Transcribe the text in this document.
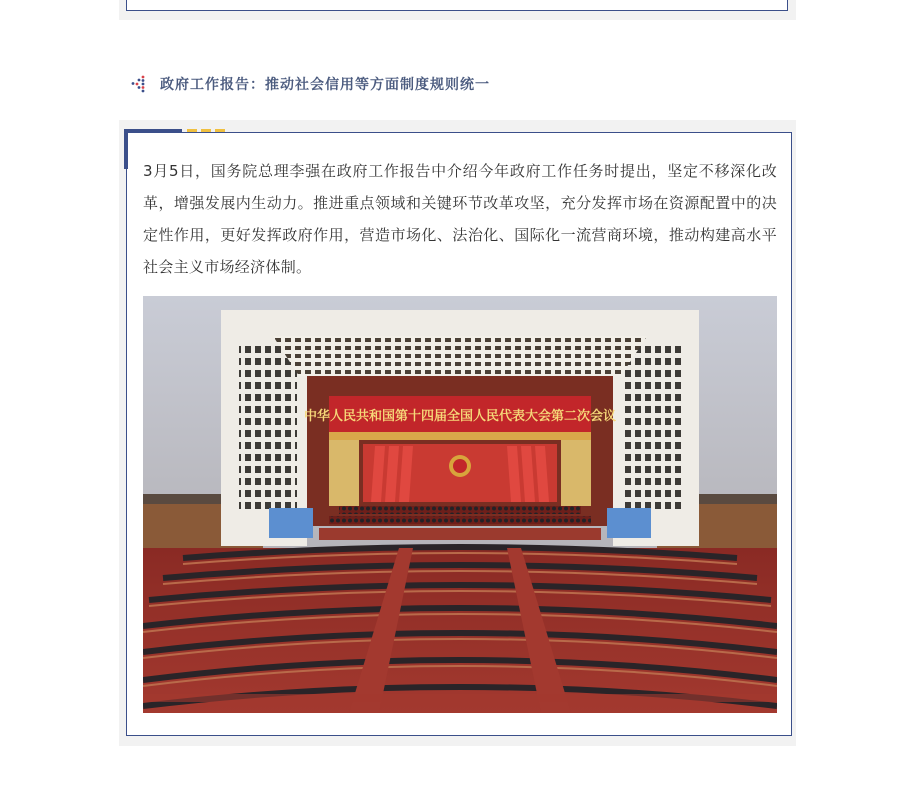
政府工作报告：推动社会信用等方面制度规则统一

3月5日，国务院总理李强在政府工作报告中介绍今年政府工作任务时提出，坚定不移深化改革，增强发展内生动力。推进重点领域和关键环节改革攻坚，充分发挥市场在资源配置中的决定性作用，更好发挥政府作用，营造市场化、法治化、国际化一流营商环境，推动构建高水平社会主义市场经济体制。

中华人民共和国第十四届全国人民代表大会第二次会议
